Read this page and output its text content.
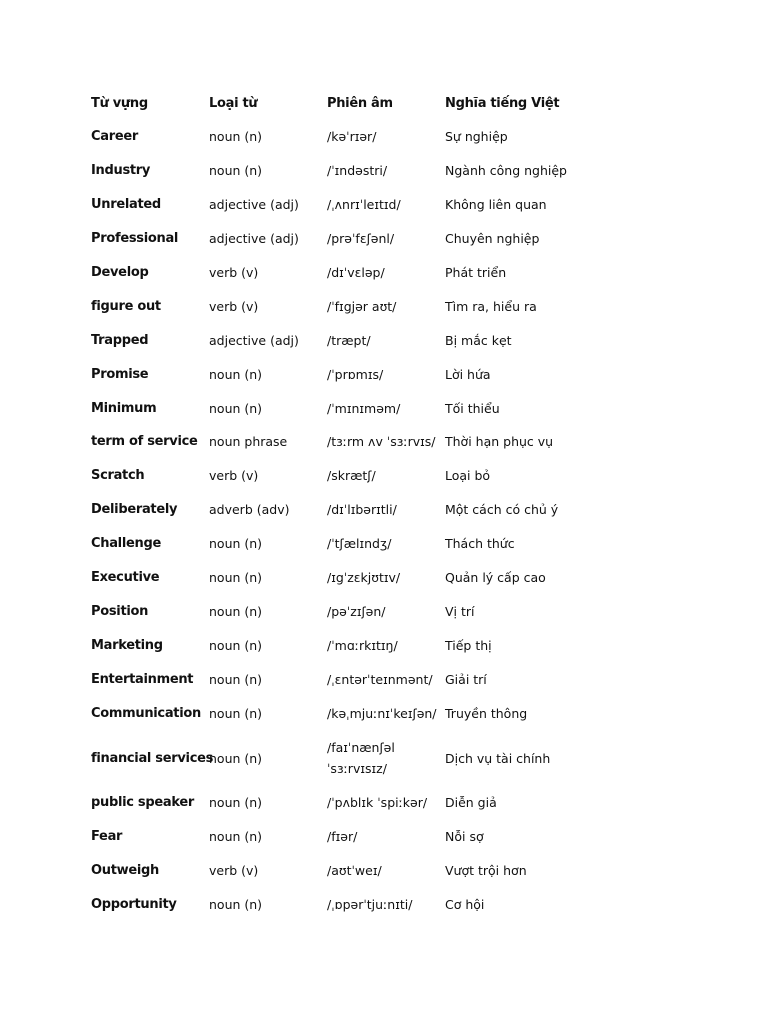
Từ vựng	Loại từ	Phiên âm	Nghĩa tiếng Việt
Career	noun (n)	/kəˈrɪər/	Sự nghiệp
Industry	noun (n)	/ˈɪndəstri/	Ngành công nghiệp
Unrelated	adjective (adj)	/ˌʌnrɪˈleɪtɪd/	Không liên quan
Professional	adjective (adj)	/prəˈfɛʃənl/	Chuyên nghiệp
Develop	verb (v)	/dɪˈvɛləp/	Phát triển
figure out	verb (v)	/ˈfɪgjər aʊt/	Tìm ra, hiểu ra
Trapped	adjective (adj)	/træpt/	Bị mắc kẹt
Promise	noun (n)	/ˈprɒmɪs/	Lời hứa
Minimum	noun (n)	/ˈmɪnɪməm/	Tối thiểu
term of service	noun phrase	/tɜːrm ʌv ˈsɜːrvɪs/	Thời hạn phục vụ
Scratch	verb (v)	/skrætʃ/	Loại bỏ
Deliberately	adverb (adv)	/dɪˈlɪbərɪtli/	Một cách có chủ ý
Challenge	noun (n)	/ˈtʃælɪndʒ/	Thách thức
Executive	noun (n)	/ɪgˈzɛkjʊtɪv/	Quản lý cấp cao
Position	noun (n)	/pəˈzɪʃən/	Vị trí
Marketing	noun (n)	/ˈmɑːrkɪtɪŋ/	Tiếp thị
Entertainment	noun (n)	/ˌɛntərˈteɪnmənt/	Giải trí
Communication	noun (n)	/kəˌmjuːnɪˈkeɪʃən/	Truyền thông
financial services	noun (n)	/faɪˈnænʃəl ˈsɜːrvɪsɪz/	Dịch vụ tài chính
public speaker	noun (n)	/ˈpʌblɪk ˈspiːkər/	Diễn giả
Fear	noun (n)	/fɪər/	Nỗi sợ
Outweigh	verb (v)	/aʊtˈweɪ/	Vượt trội hơn
Opportunity	noun (n)	/ˌɒpərˈtjuːnɪti/	Cơ hội
